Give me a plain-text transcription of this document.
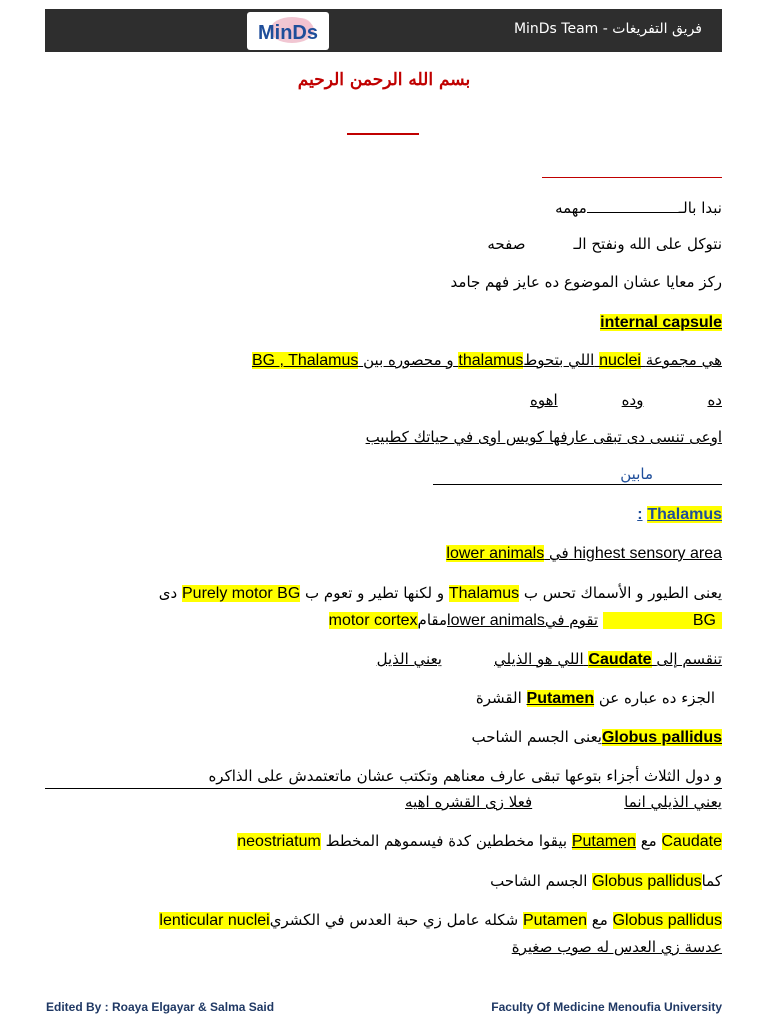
MinDs	MinDs Team - فريق التفريغات
بسم الله الرحمن الرحيم
نبدا بالـمهمه
نتوكل على الله ونفتح الـصفحه
ركز معايا عشان الموضوع ده عايز فهم جامد
internal capsule
هي مجموعة nuclei اللي بتحوطthalamus و محصوره بين BG , Thalamus
دهودهاهوه
اوعى تنسى دى تبقى عارفها كويس اوى في حياتك كطبيب
مابين
: Thalamus
highest sensory area في lower animals
يعنى الطيور و الأسماك تحس ب Thalamus و لكنها تطير و تعوم ب Purely motor BG دى
BG تقوم فيlower animalsمقامmotor cortex
تنقسم إلى Caudate اللي هو الذيلييعني الذيل
الجزء ده عباره عن Putamen القشرة
Globus pallidusيعنى الجسم الشاحب
و دول الثلاث أجزاء بتوعها تبقى عارف معناهم وتكتب عشان ماتعتمدش على الذاكره
يعني الذيلي انمافعلا زى القشره اهيه
Caudate مع Putamen بيقوا مخططين كدة فيسموهم المخطط neostriatum
كماGlobus pallidus الجسم الشاحب
Globus pallidus مع Putamen شكله عامل زي حبة العدس في الكشريlenticular nuclei
عدسة زي العدس له صوب صغيرة
Edited By : Roaya Elgayar & Salma Said	Faculty Of Medicine Menoufia University
